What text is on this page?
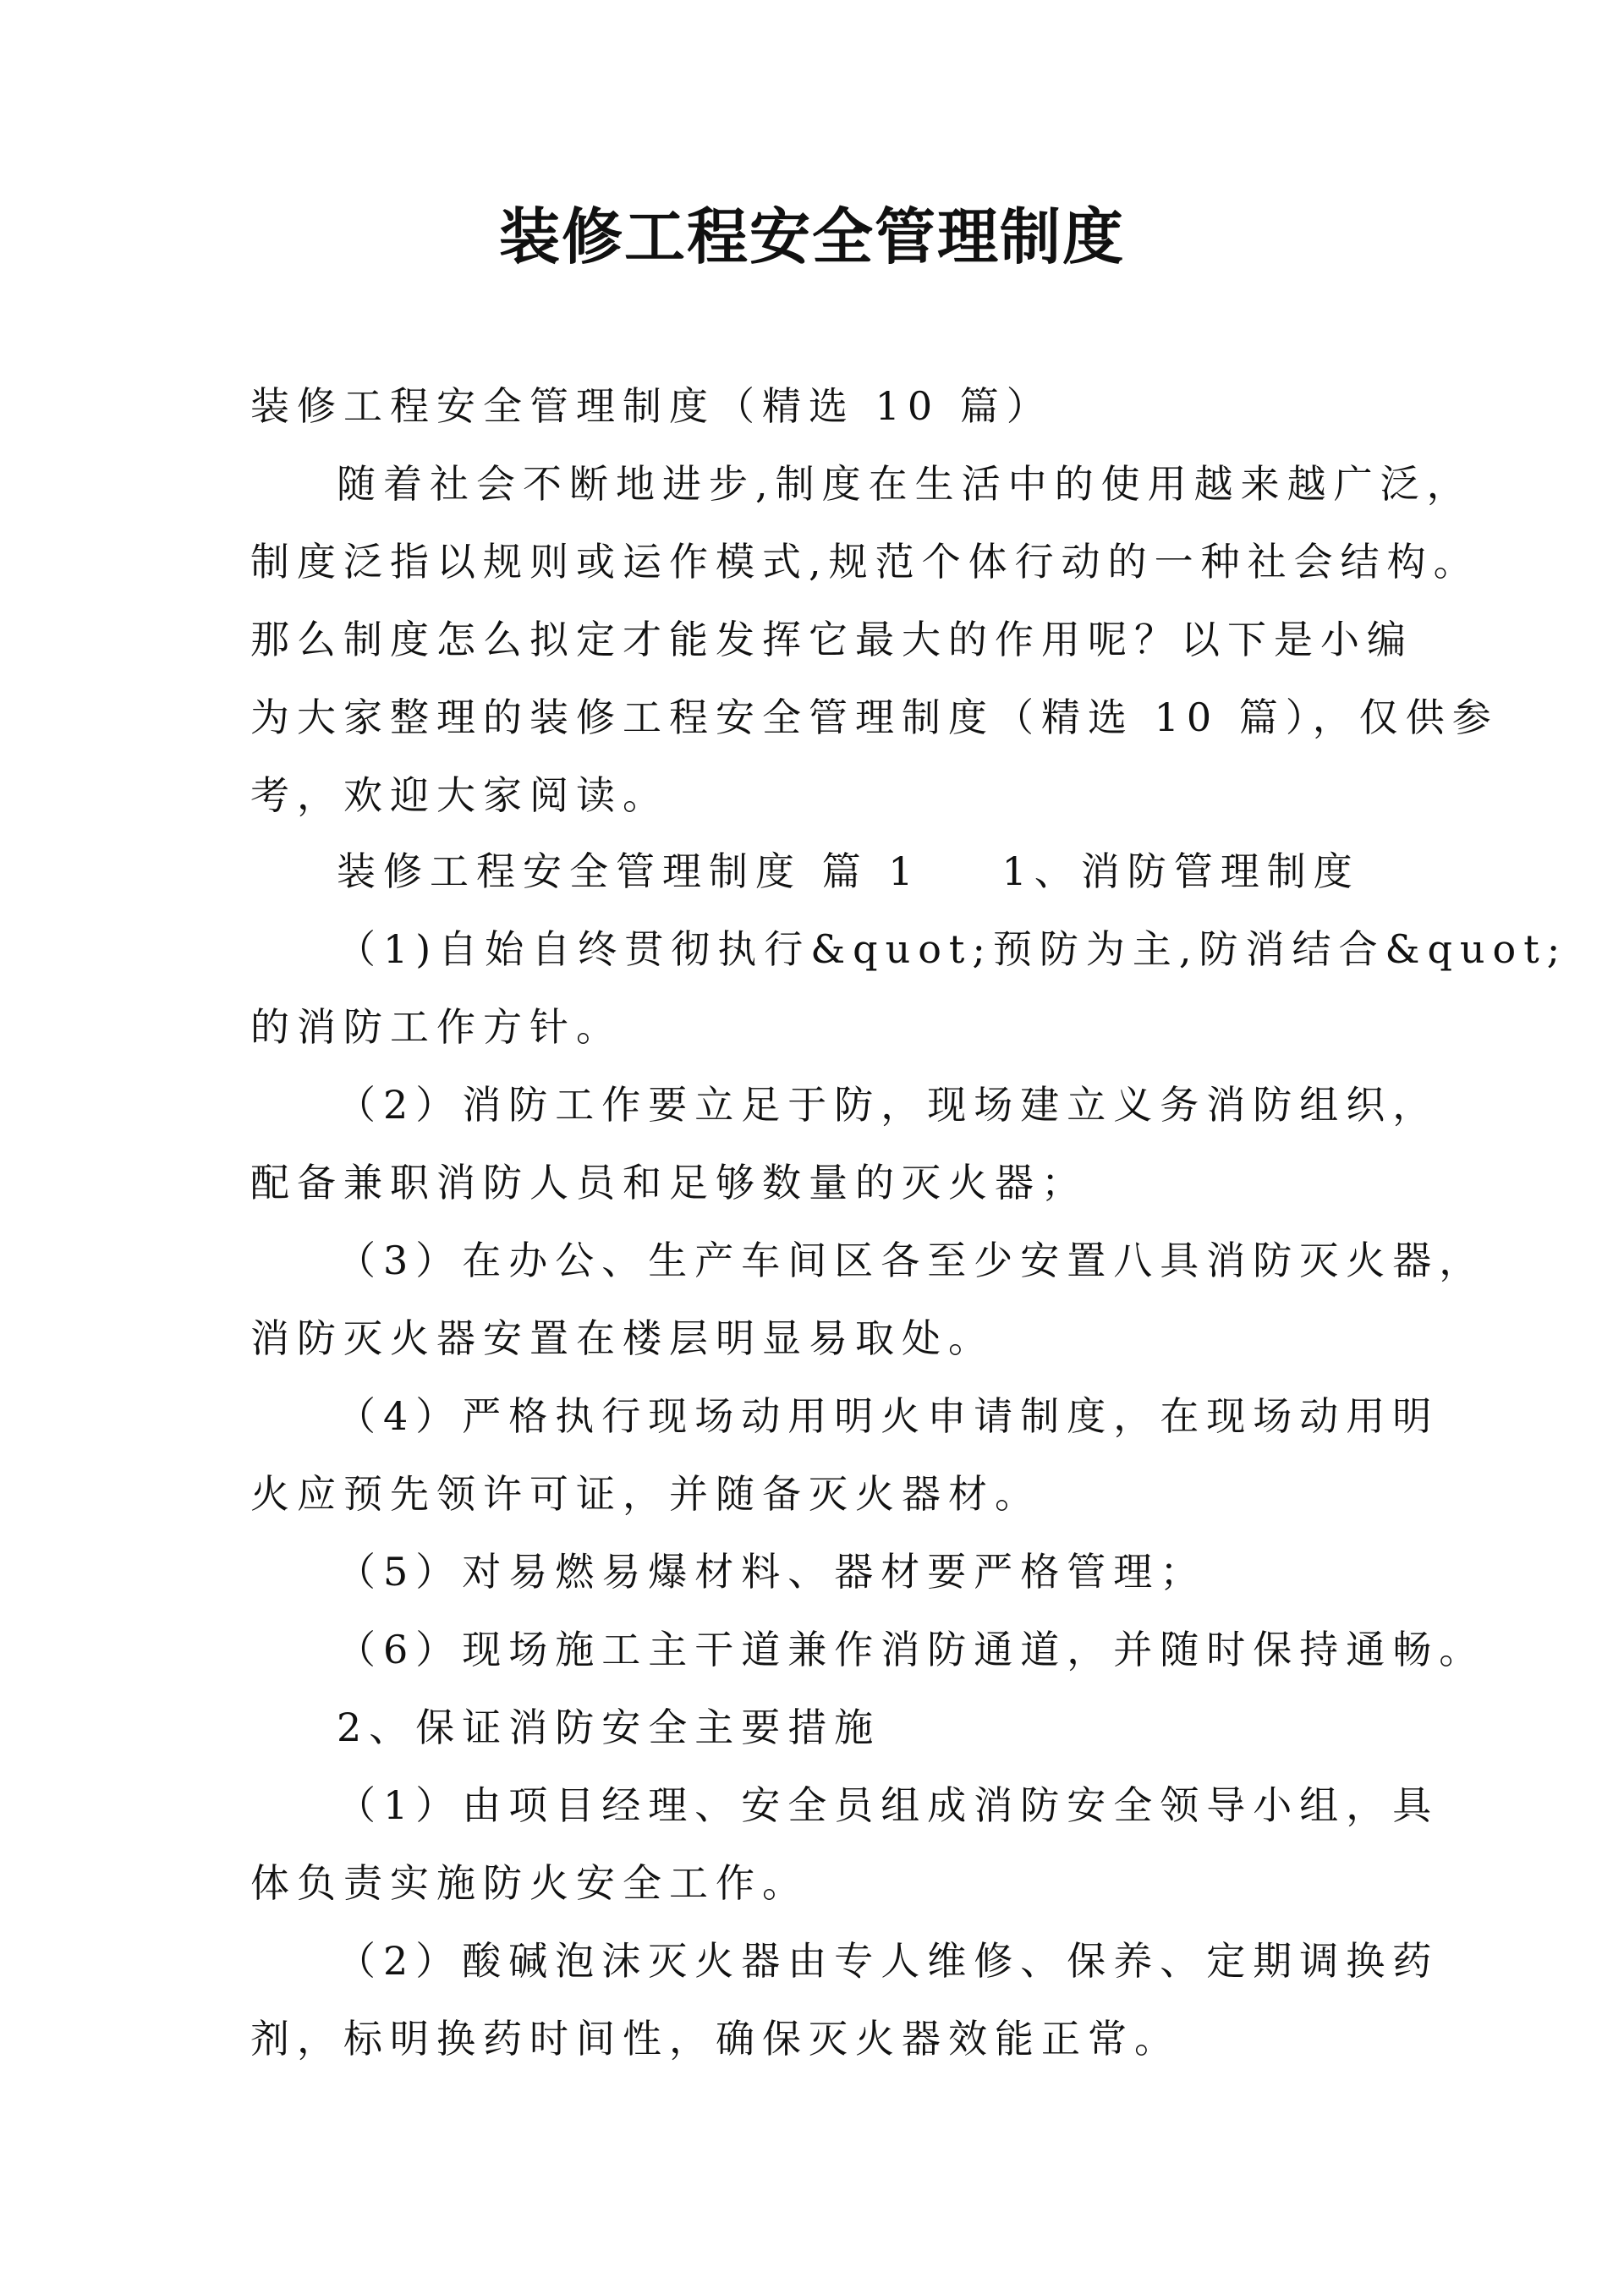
装修工程安全管理制度
装修工程安全管理制度（精选 10 篇）
随着社会不断地进步,制度在生活中的使用越来越广泛，
制度泛指以规则或运作模式,规范个体行动的一种社会结构。
那么制度怎么拟定才能发挥它最大的作用呢？以下是小编
为大家整理的装修工程安全管理制度（精选 10 篇），仅供参
考，欢迎大家阅读。
装修工程安全管理制度 篇 1 1、消防管理制度
（1)自始自终贯彻执行&quot;预防为主,防消结合&quot;
的消防工作方针。
（2）消防工作要立足于防，现场建立义务消防组织，
配备兼职消防人员和足够数量的灭火器；
（3）在办公、生产车间区各至少安置八具消防灭火器，
消防灭火器安置在楼层明显易取处。
（4）严格执行现场动用明火申请制度，在现场动用明
火应预先领许可证，并随备灭火器材。
（5）对易燃易爆材料、器材要严格管理；
（6）现场施工主干道兼作消防通道，并随时保持通畅。
2、保证消防安全主要措施
（1）由项目经理、安全员组成消防安全领导小组，具
体负责实施防火安全工作。
（2）酸碱泡沫灭火器由专人维修、保养、定期调换药
剂，标明换药时间性，确保灭火器效能正常。
